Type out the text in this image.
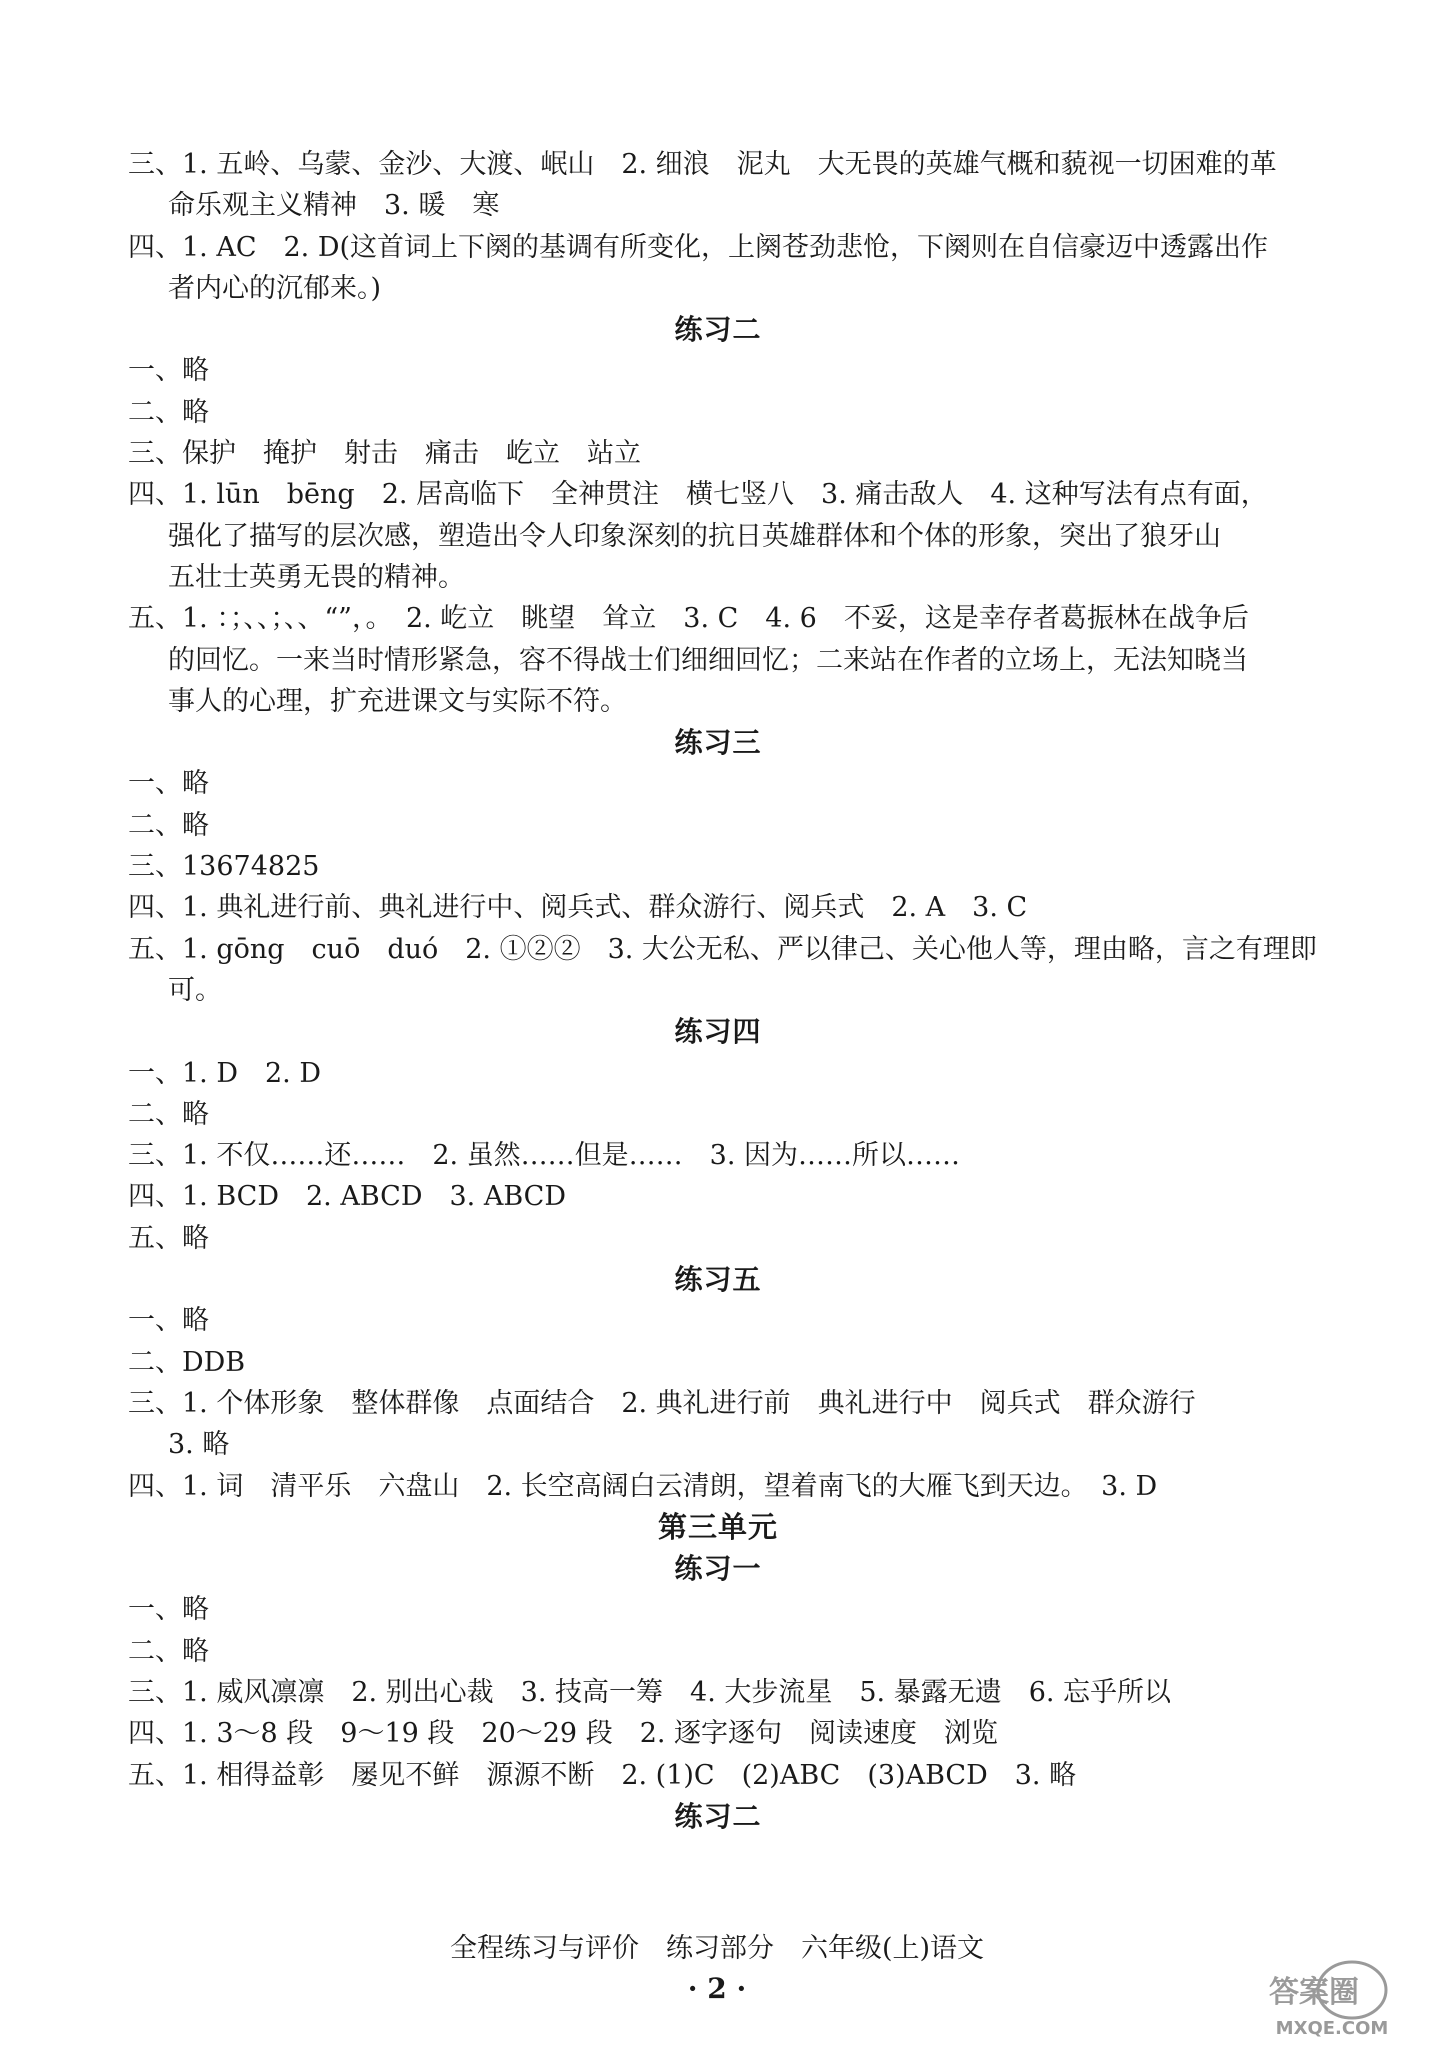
三、1. 五岭、乌蒙、金沙、大渡、岷山　2. 细浪　泥丸　大无畏的英雄气概和藐视一切困难的革
命乐观主义精神　3. 暖　寒
四、1. AC　2. D(这首词上下阕的基调有所变化，上阕苍劲悲怆，下阕则在自信豪迈中透露出作
者内心的沉郁来。)
练习二
一、略
二、略
三、保护　掩护　射击　痛击　屹立　站立
四、1. lūn　bēng　2. 居高临下　全神贯注　横七竖八　3. 痛击敌人　4. 这种写法有点有面，
强化了描写的层次感，塑造出令人印象深刻的抗日英雄群体和个体的形象，突出了狼牙山
五壮士英勇无畏的精神。
五、1. ：；、、；、、“”，。　2. 屹立　眺望　耸立　3. C　4. 6　不妥，这是幸存者葛振林在战争后
的回忆。一来当时情形紧急，容不得战士们细细回忆；二来站在作者的立场上，无法知晓当
事人的心理，扩充进课文与实际不符。
练习三
一、略
二、略
三、13674825
四、1. 典礼进行前、典礼进行中、阅兵式、群众游行、阅兵式　2. A　3. C
五、1. gōng　cuō　duó　2. ①②②　3. 大公无私、严以律己、关心他人等，理由略，言之有理即
可。
练习四
一、1. D　2. D
二、略
三、1. 不仅……还……　2. 虽然……但是……　3. 因为……所以……
四、1. BCD　2. ABCD　3. ABCD
五、略
练习五
一、略
二、DDB
三、1. 个体形象　整体群像　点面结合　2. 典礼进行前　典礼进行中　阅兵式　群众游行
3. 略
四、1. 词　清平乐　六盘山　2. 长空高阔白云清朗，望着南飞的大雁飞到天边。　3. D
第三单元
练习一
一、略
二、略
三、1. 威风凛凛　2. 别出心裁　3. 技高一筹　4. 大步流星　5. 暴露无遗　6. 忘乎所以
四、1. 3～8 段　9～19 段　20～29 段　2. 逐字逐句　阅读速度　浏览
五、1. 相得益彰　屡见不鲜　源源不断　2. (1)C　(2)ABC　(3)ABCD　3. 略
练习二
全程练习与评价　练习部分　六年级(上)语文
· 2 ·	答案圈
MXQE.COM
